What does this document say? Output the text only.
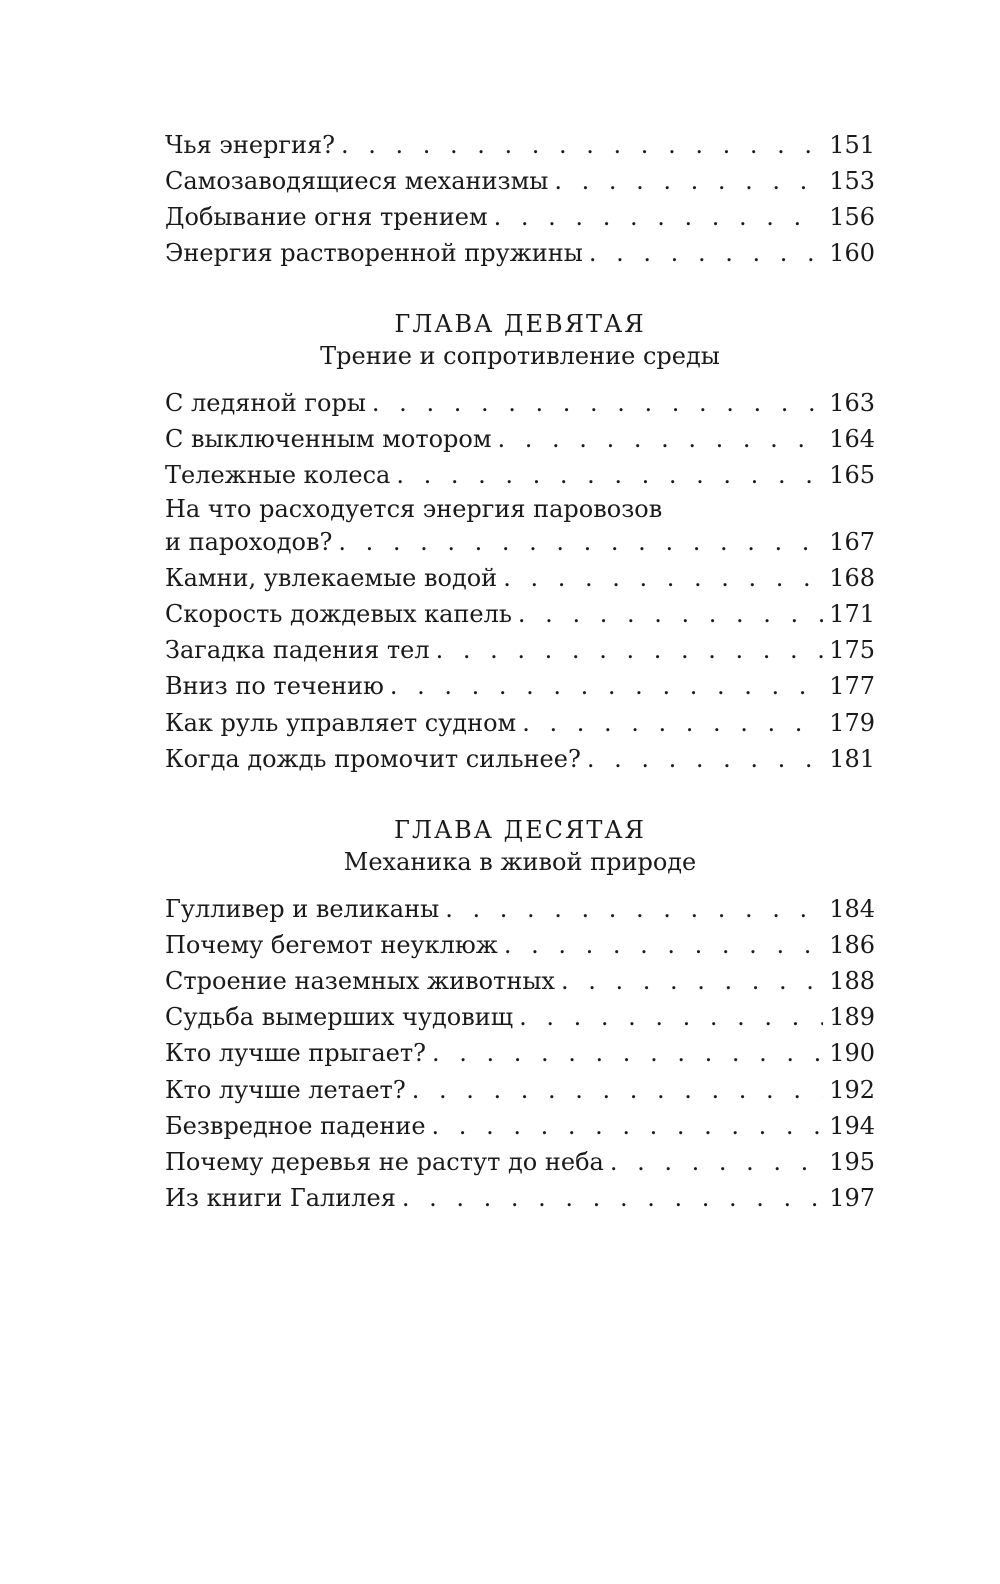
Чья энергия? . . .	151
Самозаводящиеся механизмы . . .	153
Добывание огня трением . . .	156
Энергия растворенной пружины . . .	160
ГЛАВА ДЕВЯТАЯ
Трение и сопротивление среды
С ледяной горы . . .	163
С выключенным мотором . . .	164
Тележные колеса . . .	165
На что расходуется энергия паровозов
и пароходов? . . .	167
Камни, увлекаемые водой . . .	168
Скорость дождевых капель . . .	171
Загадка падения тел . . .	175
Вниз по течению . . .	177
Как руль управляет судном . . .	179
Когда дождь промочит сильнее? . . .	181
ГЛАВА ДЕСЯТАЯ
Механика в живой природе
Гулливер и великаны . . .	184
Почему бегемот неуклюж . . .	186
Строение наземных животных . . .	188
Судьба вымерших чудовищ . . .	189
Кто лучше прыгает? . . .	190
Кто лучше летает? . . .	192
Безвредное падение . . .	194
Почему деревья не растут до неба . . .	195
Из книги Галилея . . .	197
